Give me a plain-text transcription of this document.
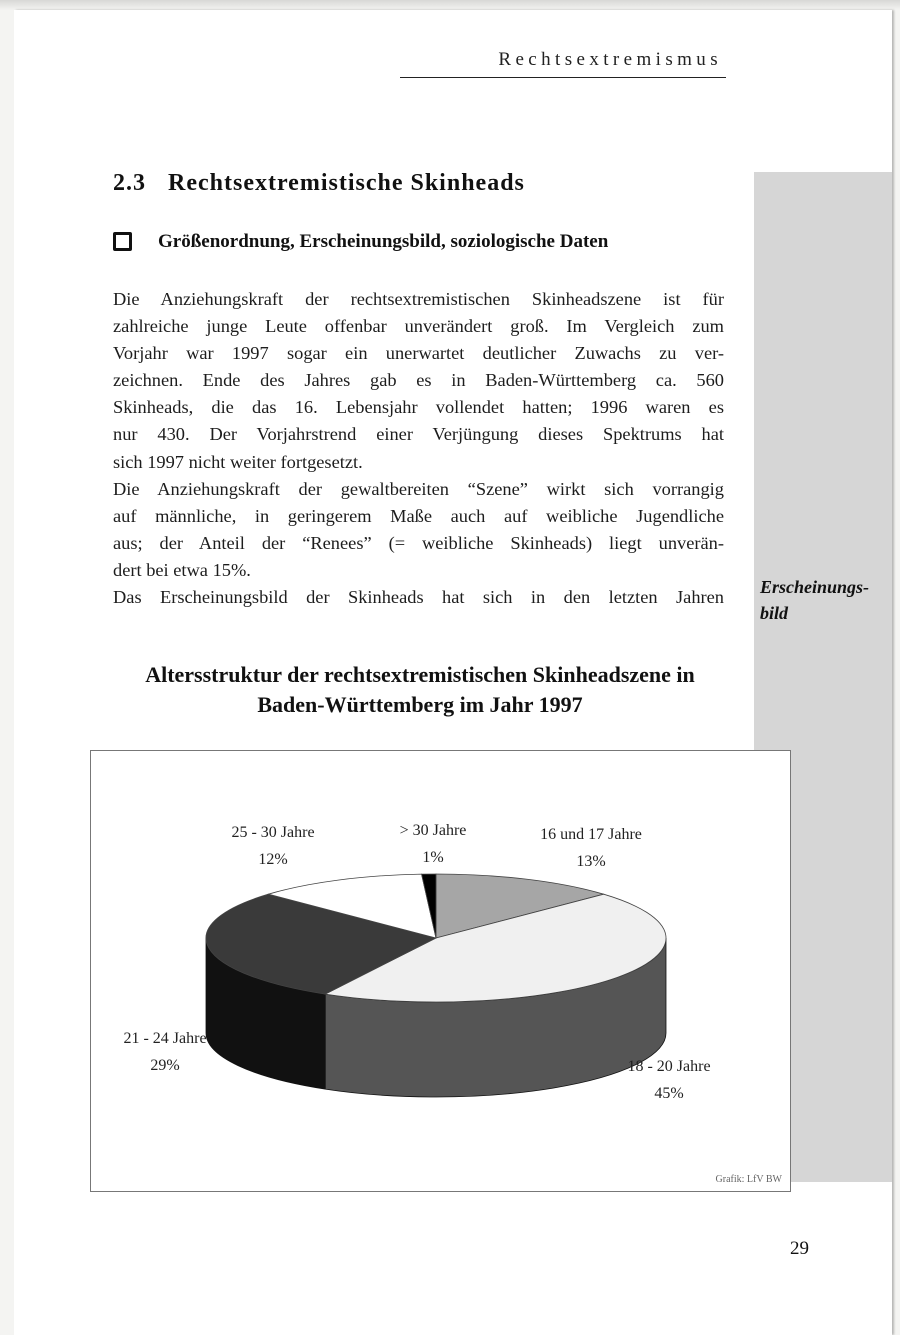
Rechtsextremismus
2.3 Rechtsextremistische Skinheads
Größenordnung, Erscheinungsbild, soziologische Daten
Die Anziehungskraft der rechtsextremistischen Skinheadszene ist für
zahlreiche junge Leute offenbar unverändert groß. Im Vergleich zum
Vorjahr war 1997 sogar ein unerwartet deutlicher Zuwachs zu ver-
zeichnen. Ende des Jahres gab es in Baden-Württemberg ca. 560
Skinheads, die das 16. Lebensjahr vollendet hatten; 1996 waren es
nur 430. Der Vorjahrstrend einer Verjüngung dieses Spektrums hat
sich 1997 nicht weiter fortgesetzt.
Die Anziehungskraft der gewaltbereiten “Szene” wirkt sich vorrangig
auf männliche, in geringerem Maße auch auf weibliche Jugendliche
aus; der Anteil der “Renees” (= weibliche Skinheads) liegt unverän-
dert bei etwa 15%.
Das Erscheinungsbild der Skinheads hat sich in den letzten Jahren
Erscheinungs-
bild
Altersstruktur der rechtsextremistischen Skinheadszene in
Baden-Württemberg im Jahr 1997
25 - 30 Jahre
12%
> 30 Jahre
1%
16 und 17 Jahre
13%
21 - 24 Jahre
29%	18 - 20 Jahre
45%
Grafik: LfV BW
29
